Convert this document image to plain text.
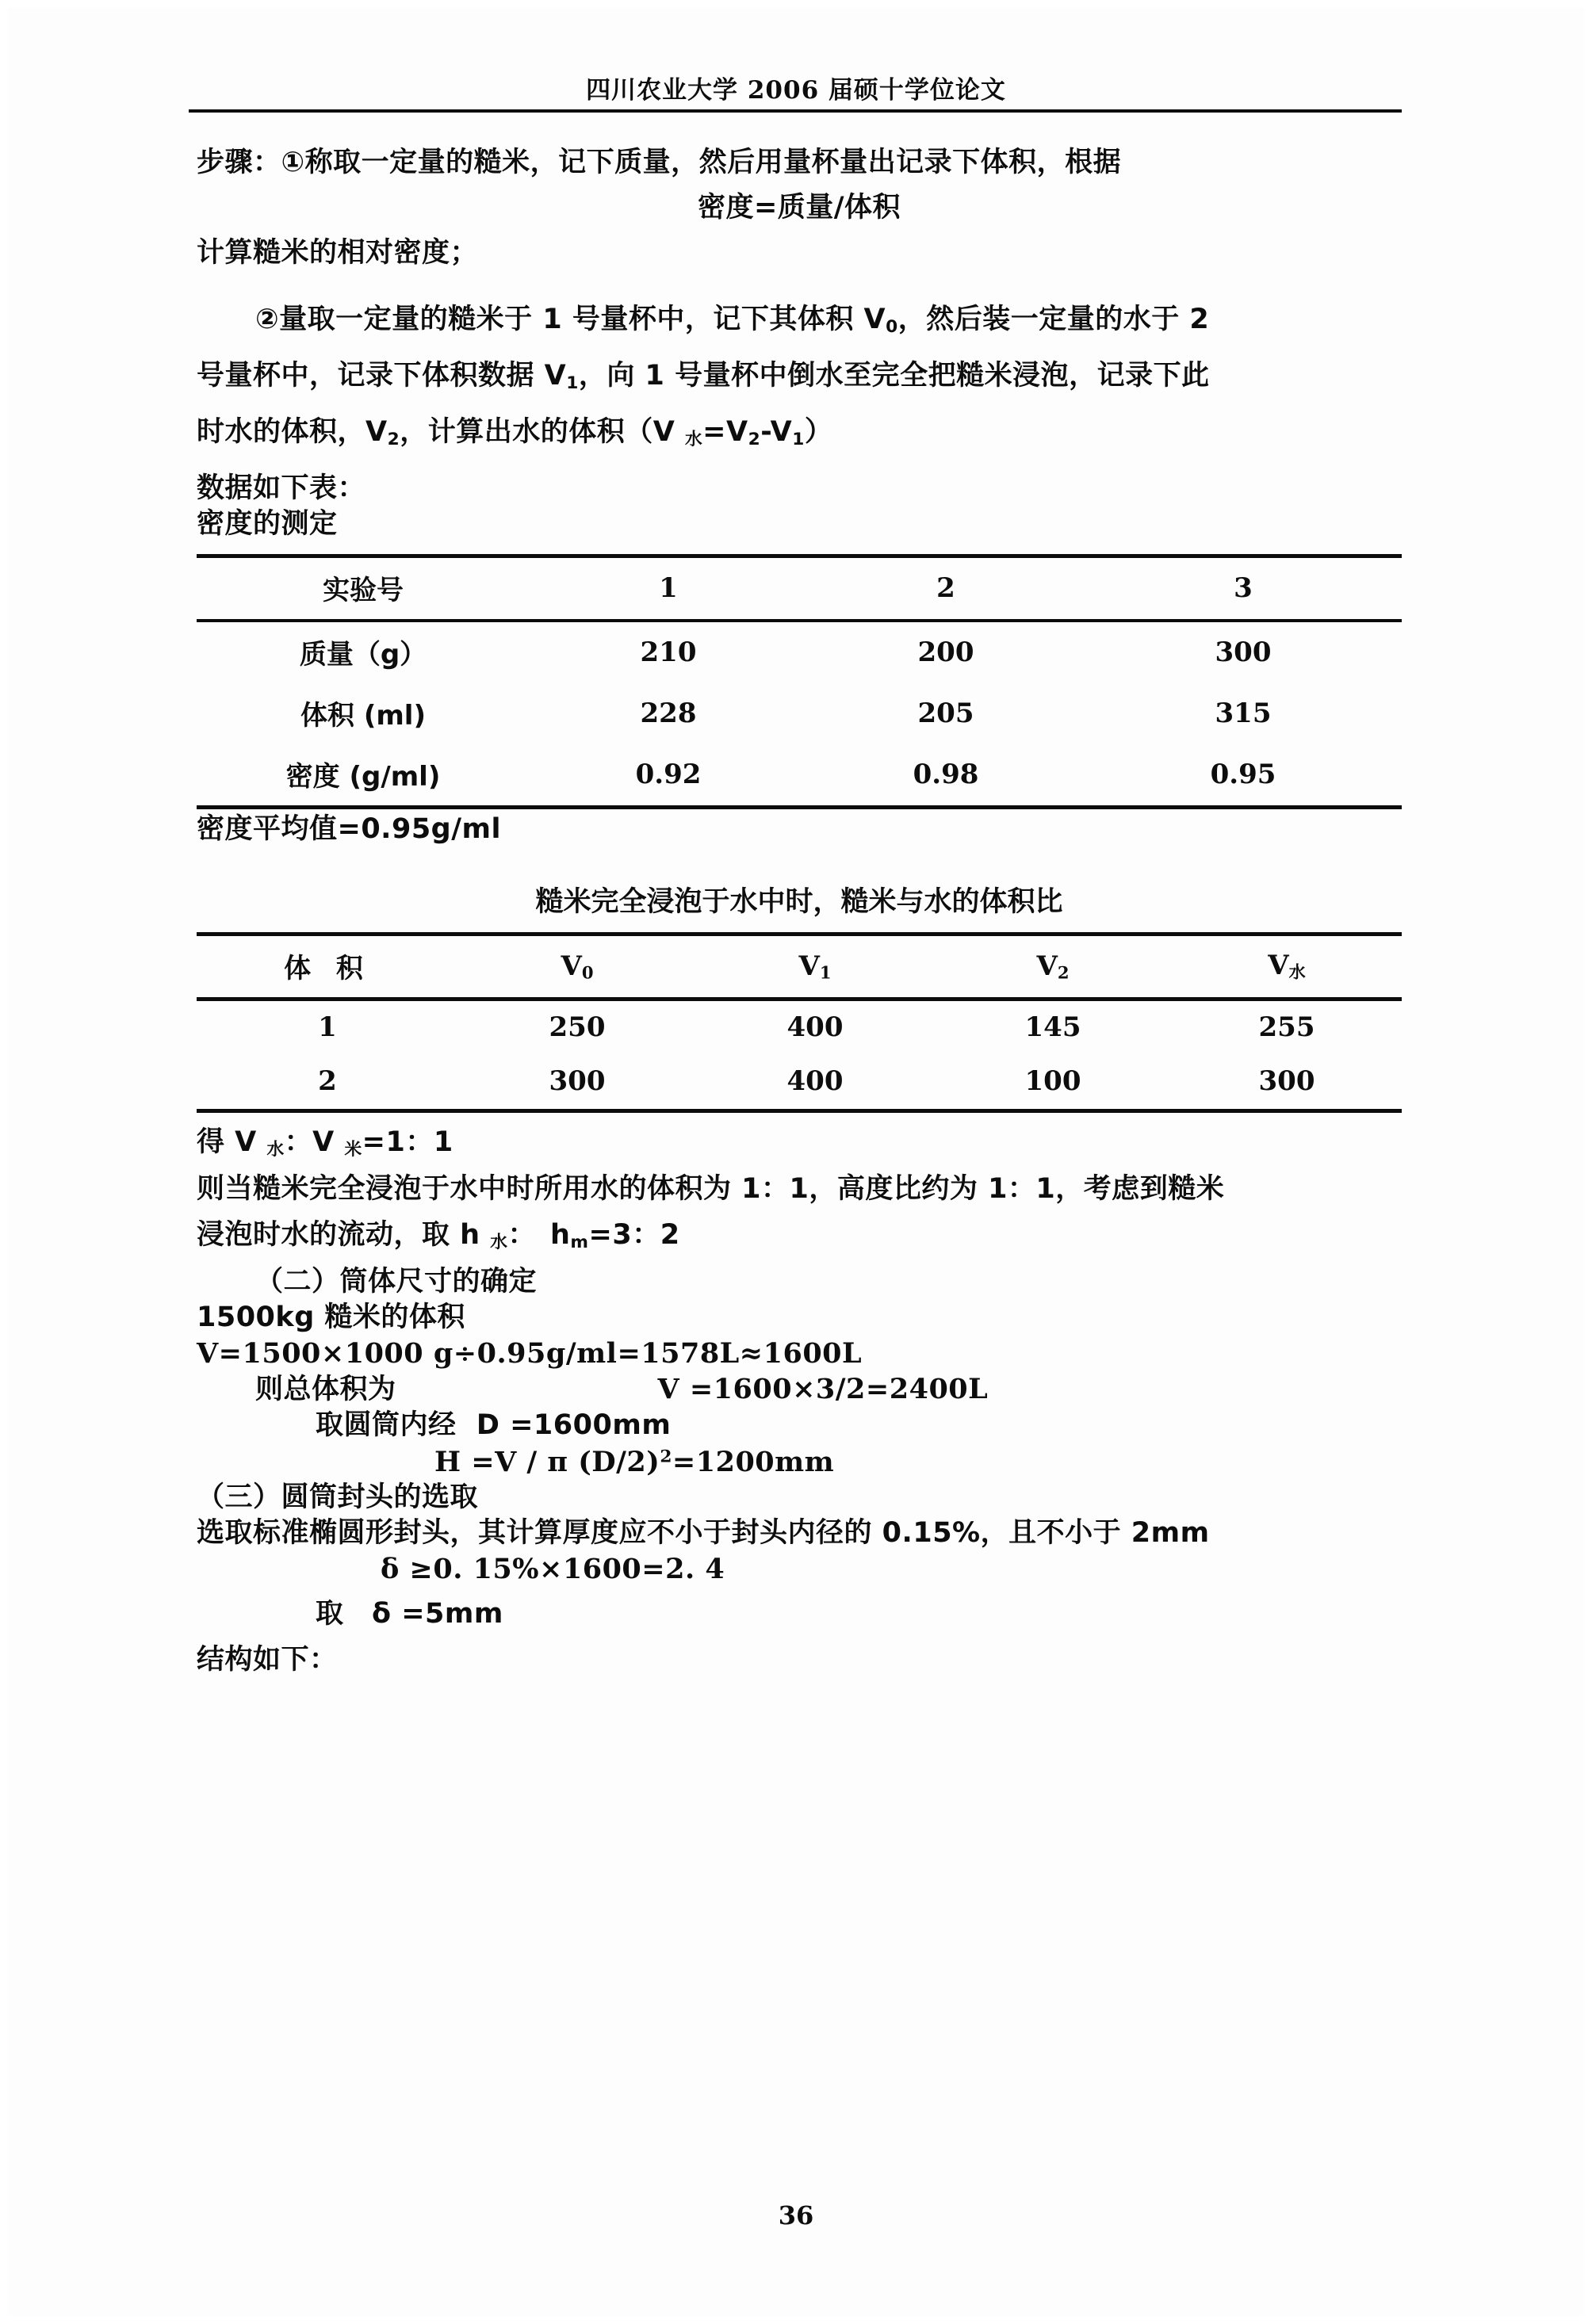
四川农业大学 2006 届硕十学位论文
步骤：①称取一定量的糙米，记下质量，然后用量杯量出记录下体积，根据
密度=质量/体积
计算糙米的相对密度；
②量取一定量的糙米于 1 号量杯中，记下其体积 $V_0$，然后装一定量的水于 2
号量杯中，记录下体积数据 $V_1$，向 1 号量杯中倒水至完全把糙米浸泡，记录下此
时水的体积，$V_2$，计算出水的体积（V $_水=V_2-V_1$）
数据如下表：
密度的测定
实验号	1	2	3
质量（g）	210	200	300
体积 (ml)	228	205	315
密度 (g/ml)	0.92	0.98	0.95
密度平均值=0.95g/ml
糙米完全浸泡于水中时，糙米与水的体积比
体 积	$V_0$	$V_1$	$V_2$	$V_水$
1	250	400	145	255
2	300	400	100	300
得 V $_水$：V $_米$=1：1
则当糙米完全浸泡于水中时所用水的体积为 1：1，高度比约为 1：1，考虑到糙米
浸泡时水的流动，取 h $_水$：　$h_m=3$：2
（二）筒体尺寸的确定
1500kg 糙米的体积
V=1500×1000 g÷0.95g/ml=1578L≈1600L
则总体积为	V =1600×3/2=2400L
取圆筒内经  D =1600mm
H =V / π $(D/2)^2=1200mm$
（三）圆筒封头的选取
选取标准椭圆形封头，其计算厚度应不小于封头内径的 0.15%，且不小于 2mm
δ ≥0. 15%×1600=2. 4
取　δ =5mm
结构如下：
36
